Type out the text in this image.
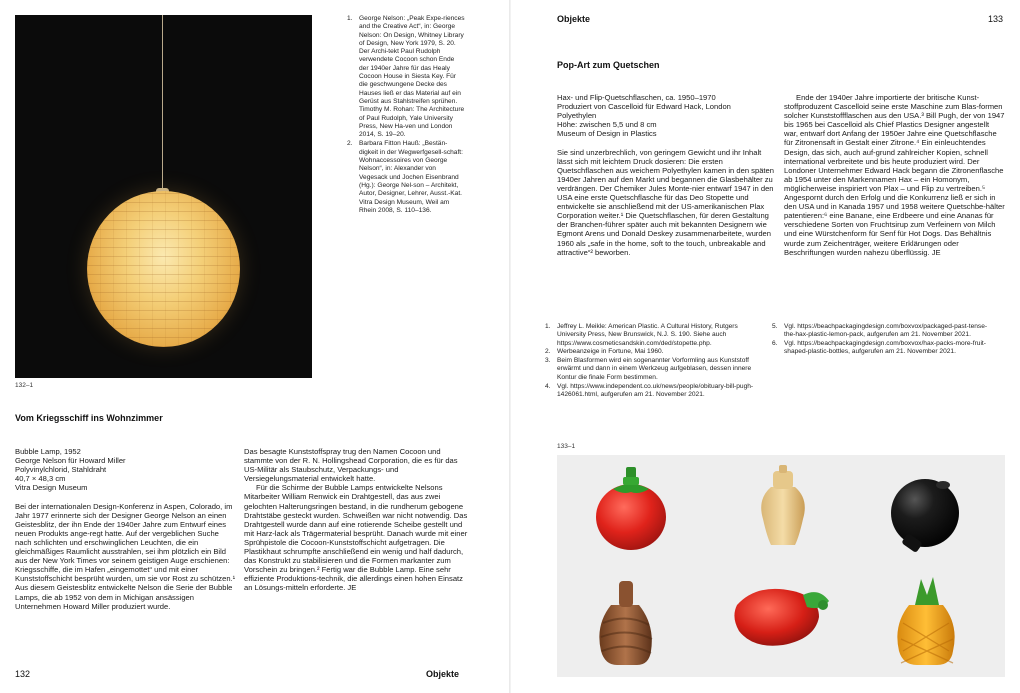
132–1
1. George Nelson: „Peak Expe-riences and the Creative Act“, in: George Nelson: On Design, Whitney Library of Design, New York 1979, S. 20. Der Archi-tekt Paul Rudolph verwendete Cocoon schon Ende der 1940er Jahre für das Healy Cocoon House in Siesta Key. Für die geschwungene Decke des Hauses ließ er das Material auf ein Gerüst aus Stahlstreifen sprühen. Timothy M. Rohan: The Architecture of Paul Rudolph, Yale University Press, New Ha-ven und London 2014, S. 19–20.
2. Barbara Fitton Hauß: „Bestän-digkeit in der Wegwerfgesell-schaft: Wohnaccessoires von George Nelson“, in: Alexander von Vegesack und Jochen Eisenbrand (Hg.): George Nel-son – Architekt, Autor, Designer, Lehrer, Ausst.-Kat. Vitra Design Museum, Weil am Rhein 2008, S. 110–136.
Vom Kriegsschiff ins Wohnzimmer

Bubble Lamp, 1952

George Nelson für Howard Miller

Polyvinylchlorid, Stahldraht

40,7 × 48,3 cm

Vitra Design Museum

Bei der internationalen Design-Konferenz in Aspen, Colorado, im Jahr 1977 erinnerte sich der Designer George Nelson an einen Geistesblitz, der ihn Ende der 1940er Jahre zum Entwurf eines neuen Produkts ange-regt hatte. Auf der vergeblichen Suche nach schlichten und erschwinglichen Leuchten, die ein gleichmäßiges Raumlicht ausstrahlen, sei ihm plötzlich ein Bild aus der New York Times vor seinem geistigen Auge erschienen: Kriegsschiffe, die im Hafen „eingemottet“ und mit einer Kunststoffschicht besprüht wurden, um sie vor Rost zu schützen.¹ Aus diesem Geistesblitz entwickelte Nelson die Serie der Bubble Lamps, die ab 1952 von dem in Michigan ansässigen Unternehmen Howard Miller produziert wurde.

Das besagte Kunststoffspray trug den Namen Cocoon und stammte von der R. N. Hollingshead Corporation, die es für das US-Militär als Staubschutz, Verpackungs- und Versiegelungsmaterial entwickelt hatte.

Für die Schirme der Bubble Lamps entwickelte Nelsons Mitarbeiter William Renwick ein Drahtgestell, das aus zwei gelochten Halterungsringen bestand, in die rundherum gebogene Drahtstäbe gesteckt wurden. Schweißen war nicht notwendig. Das Drahtgestell wurde dann auf eine rotierende Scheibe gestellt und mit Harz-lack als Trägermaterial besprüht. Danach wurde mit einer Sprühpistole die Cocoon-Kunststoffschicht aufgetragen. Die Plastikhaut schrumpfte anschließend ein wenig und half dadurch, das Konstrukt zu stabilisieren und die Formen markanter zum Vorschein zu bringen.² Fertig war die Bubble Lamp. Eine sehr effiziente Produktions-technik, die allerdings einen hohen Einsatz an Lösungs-mitteln erforderte. JE

132	Objekte
Objekte	133
Pop-Art zum Quetschen

Hax- und Flip-Quetschflaschen, ca. 1950–1970

Produziert von Cascelloid für Edward Hack, London

Polyethylen

Höhe: zwischen 5,5 und 8 cm

Museum of Design in Plastics

Sie sind unzerbrechlich, von geringem Gewicht und ihr Inhalt lässt sich mit leichtem Druck dosieren: Die ersten Quetschflaschen aus weichem Polyethylen kamen in den späten 1940er Jahren auf den Markt und begannen die Glasbehälter zu verdrängen. Der Chemiker Jules Monte-nier entwarf 1947 in den USA eine erste Quetschflasche für das Deo Stopette und entwickelte sie anschließend mit der US-amerikanischen Plax Corporation weiter.¹ Die Quetschflaschen, für deren Gestaltung der Branchen-führer später auch mit bekannten Designern wie Egmont Arens und Donald Deskey zusammenarbeitete, wurden 1960 als „safe in the home, soft to the touch, unbreakable and attractive“² beworben.

Ende der 1940er Jahre importierte der britische Kunst-stoffproduzent Cascelloid seine erste Maschine zum Blas-formen solcher Kunststoffflaschen aus den USA.³ Bill Pugh, der von 1947 bis 1965 bei Cascelloid als Chief Plastics Designer angestellt war, entwarf dort Anfang der 1950er Jahre eine Quetschflasche für Zitronensaft in Gestalt einer Zitrone.⁴ Ein einleuchtendes Design, das sich, auch auf-grund zahlreicher Kopien, schnell international verbreitete und bis heute produziert wird. Der Londoner Unternehmer Edward Hack begann die Zitronenflasche ab 1954 unter den Markennamen Hax – ein Homonym, möglicherweise inspiriert von Plax – und Flip zu vertreiben.⁵ Angespornt durch den Erfolg und die Konkurrenz ließ er sich in den USA und in Kanada 1957 und 1958 weitere Quetschbe-hälter patentieren:⁶ eine Banane, eine Erdbeere und eine Ananas für verschiedene Sorten von Fruchtsirup zum Verfeinern von Milch und eine Würstchenform für Senf für Hot Dogs. Das Behältnis wurde zum Zeichenträger, weitere Erklärungen oder Beschriftungen wurden nahezu überflüssig. JE

1. Jeffrey L. Meikle: American Plastic. A Cultural History, Rutgers University Press, New Brunswick, N.J. S. 190. Siehe auch https://www.cosmeticsandskin.com/ded/stopette.php.
2. Werbeanzeige in Fortune, Mai 1960.
3. Beim Blasformen wird ein sogenannter Vorformling aus Kunststoff erwärmt und dann in einem Werkzeug aufgeblasen, dessen innere Kontur die finale Form bestimmen.
4. Vgl. https://www.independent.co.uk/news/people/obituary-bill-pugh-1426061.html, aufgerufen am 21. November 2021.
5. Vgl. https://beachpackagingdesign.com/boxvox/packaged-past-tense-the-hax-plastic-lemon-pack, aufgerufen am 21. November 2021.
6. Vgl. https://beachpackagingdesign.com/boxvox/hax-packs-more-fruit-shaped-plastic-bottles, aufgerufen am 21. November 2021.
133–1
